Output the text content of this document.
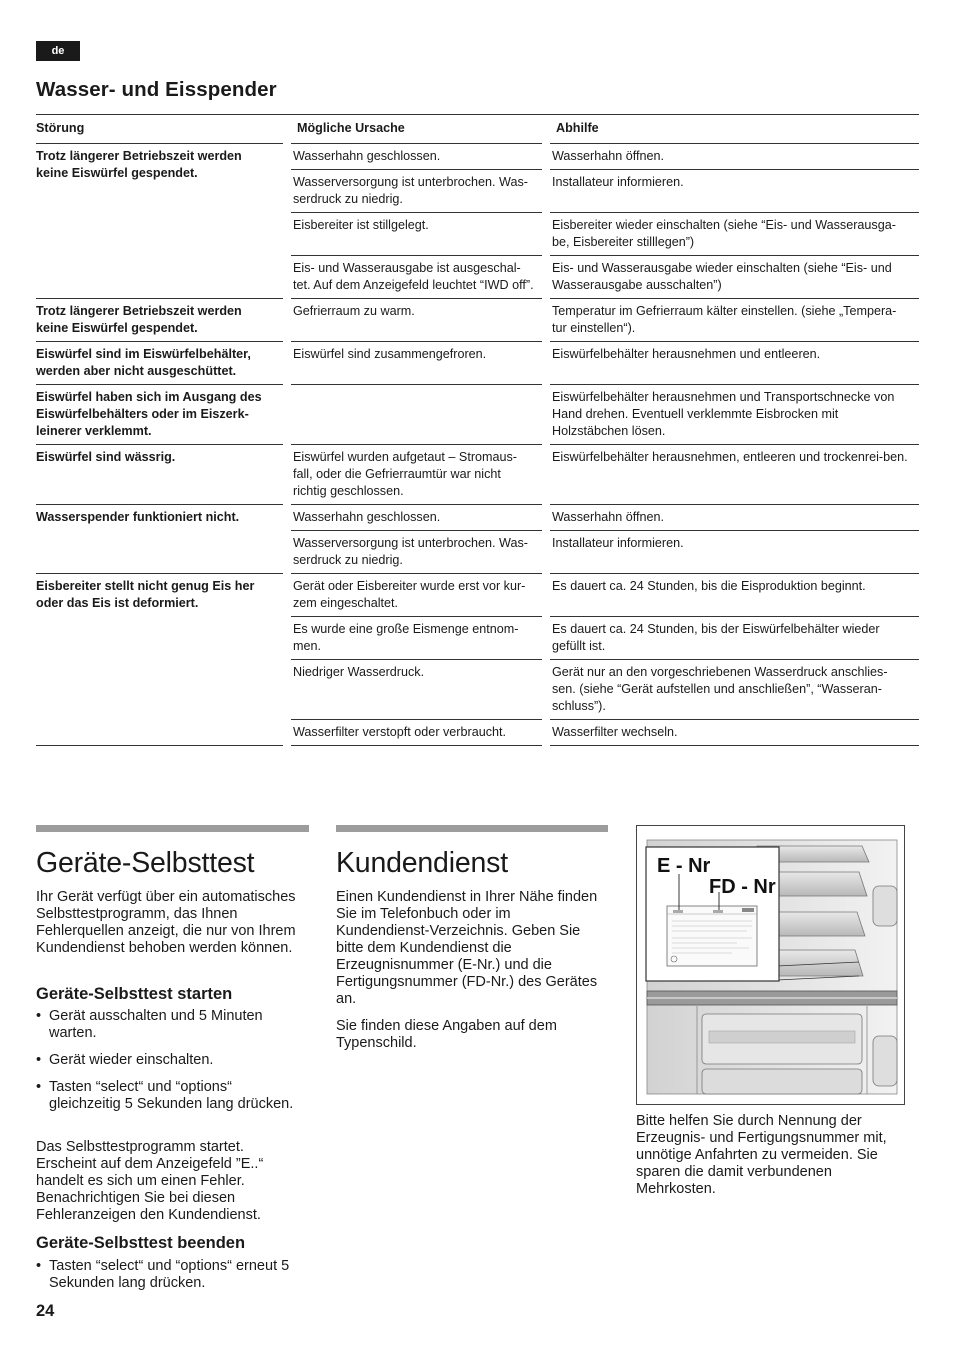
de
Wasser- und Eisspender
Störung	Mögliche Ursache	Abhilfe
Trotz längerer Betriebszeit werden keine Eiswürfel gespendet.	Wasserhahn geschlossen.	Wasserhahn öffnen.
	Wasserversorgung ist unterbrochen. Was-serdruck zu niedrig.	Installateur informieren.
	Eisbereiter ist stillgelegt.	Eisbereiter wieder einschalten (siehe “Eis- und Wasserausga-be, Eisbereiter stilllegen”)
	Eis- und Wasserausgabe ist ausgeschal-tet. Auf dem Anzeigefeld leuchtet “IWD off”.	Eis- und Wasserausgabe wieder einschalten (siehe “Eis- und Wasserausgabe ausschalten”)
Trotz längerer Betriebszeit werden keine Eiswürfel gespendet.	Gefrierraum zu warm.	Temperatur im Gefrierraum kälter einstellen. (siehe „Tempera-tur einstellen“).
Eiswürfel sind im Eiswürfelbehälter, werden aber nicht ausgeschüttet.	Eiswürfel sind zusammengefroren.	Eiswürfelbehälter herausnehmen und entleeren.
Eiswürfel haben sich im Ausgang des Eiswürfelbehälters oder im Eiszerk-leinerer verklemmt.		Eiswürfelbehälter herausnehmen und Transportschnecke von Hand drehen. Eventuell verklemmte Eisbrocken mit Holzstäbchen lösen.
Eiswürfel sind wässrig.	Eiswürfel wurden aufgetaut – Stromaus-fall, oder die Gefrierraumtür war nicht richtig geschlossen.	Eiswürfelbehälter herausnehmen, entleeren und trockenrei-ben.
Wasserspender funktioniert nicht.	Wasserhahn geschlossen.	Wasserhahn öffnen.
	Wasserversorgung ist unterbrochen. Was-serdruck zu niedrig.	Installateur informieren.
Eisbereiter stellt nicht genug Eis her oder das Eis ist deformiert.	Gerät oder Eisbereiter wurde erst vor kur-zem eingeschaltet.	Es dauert ca. 24 Stunden, bis die Eisproduktion beginnt.
	Es wurde eine große Eismenge entnom-men.	Es dauert ca. 24 Stunden, bis der Eiswürfelbehälter wieder gefüllt ist.
	Niedriger Wasserdruck.	Gerät nur an den vorgeschriebenen Wasserdruck anschlies-sen. (siehe “Gerät aufstellen und anschließen”, “Wasseran-schluss”).
	Wasserfilter verstopft oder verbraucht.	Wasserfilter wechseln.
Geräte-Selbsttest

Ihr Gerät verfügt über ein automatisches Selbsttestprogramm, das Ihnen Fehlerquellen anzeigt, die nur von Ihrem Kundendienst behoben werden können.

Geräte-Selbsttest starten
• Gerät ausschalten und 5 Minuten warten.
• Gerät wieder einschalten.
• Tasten “select“ und “options“ gleichzeitig 5 Sekunden lang drücken.

Das Selbsttestprogramm startet. Erscheint auf dem Anzeigefeld ”E..“ handelt es sich um einen Fehler. Benachrichtigen Sie bei diesen Fehleranzeigen den Kundendienst.

Geräte-Selbsttest beenden
• Tasten “select“ und “options“ erneut 5 Sekunden lang drücken.
Kundendienst

Einen Kundendienst in Ihrer Nähe finden Sie im Telefonbuch oder im Kundendienst-Verzeichnis. Geben Sie bitte dem Kundendienst die Erzeugnisnummer (E-Nr.) und die Fertigungsnummer (FD-Nr.) des Gerätes an.

Sie finden diese Angaben auf dem Typenschild.

E - Nr
FD - Nr

Bitte helfen Sie durch Nennung der Erzeugnis- und Fertigungsnummer mit, unnötige Anfahrten zu vermeiden. Sie sparen die damit verbundenen Mehrkosten.

24
